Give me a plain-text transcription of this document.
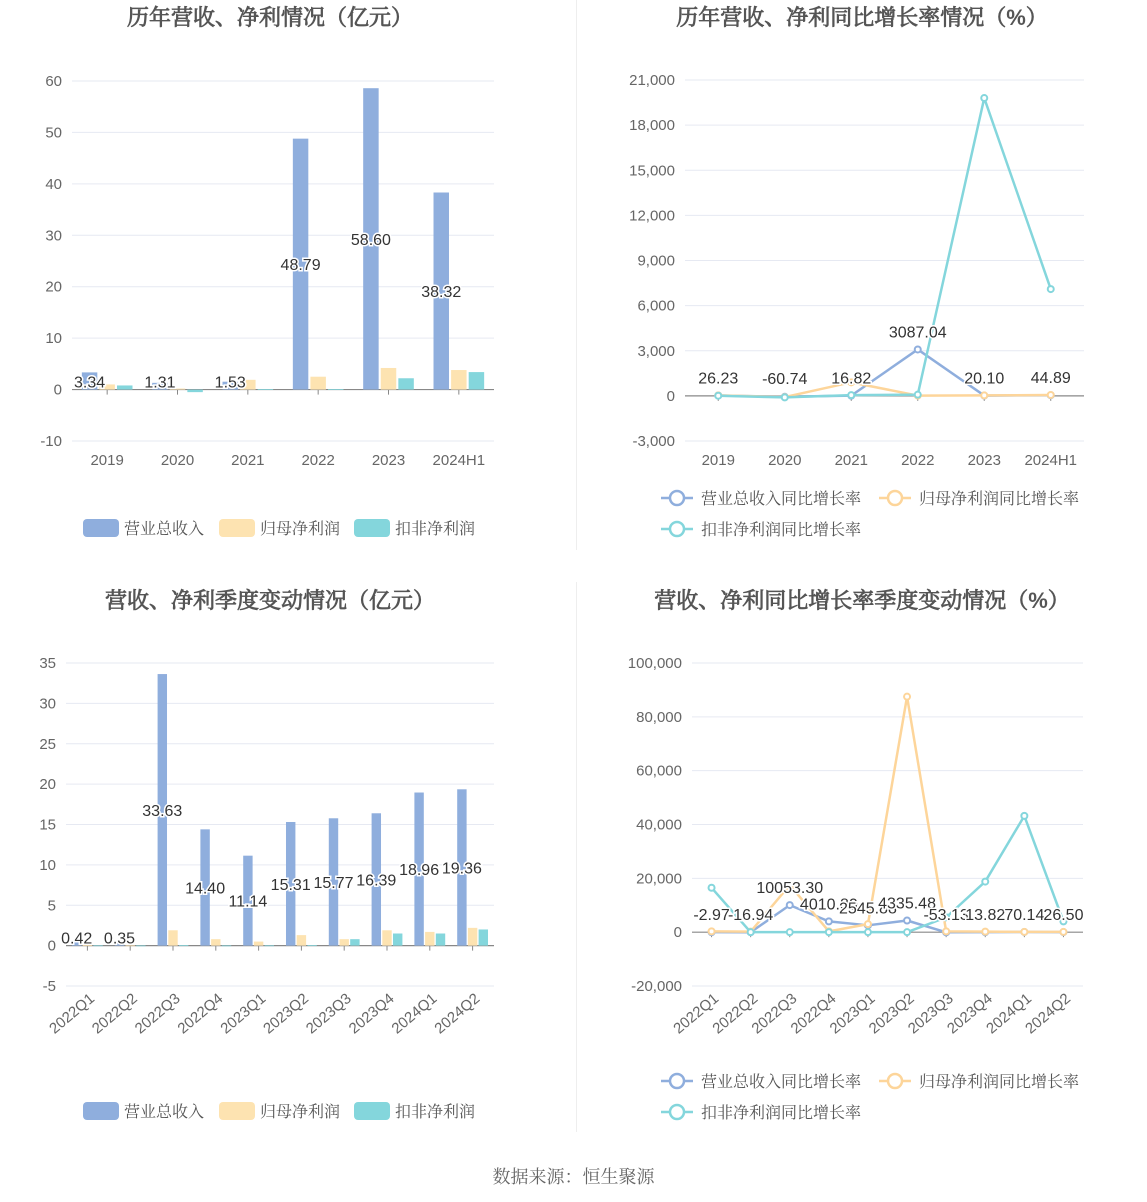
历年营收、净利情况（亿元）
-10
0
10
20
30
40
50
60
2019 2020 2021 2022 2023 2024H1
3.34 1.31 1.53
48.79
58.60
38.32
营业总收入	归母净利润	扣非净利润
历年营收、净利同比增长率情况（%）
-3,000
0
3,000
6,000
9,000
12,000
15,000
18,000
21,000
2019 2020 2021 2022 2023 2024H1
26.23 -60.74 16.82
3087.04
20.10 44.89
营业总收入同比增长率	归母净利润同比增长率
扣非净利润同比增长率
营收、净利季度变动情况（亿元）
-5
0
5
10
15
20
25
30
35
2022Q1
2022Q2
2022Q3
2022Q4
2023Q1
2023Q2
2023Q3
2023Q4
2024Q1
2024Q2
0.42 0.35
33.63
14.40
11.14
15.31 15.77 16.39
18.96 19.36
营业总收入	归母净利润	扣非净利润
营收、净利同比增长率季度变动情况（%）
-20,000
0
20,000
40,000
60,000
80,000
100,000
2022Q1
2022Q2
2022Q3
2022Q4
2023Q1
2023Q2
2023Q3
2023Q4
2024Q1
2024Q2
-2.97
-16.94
10053.30
4010.80
2545.88
4335.48
-53.13
13.82 70.14 26.50
营业总收入同比增长率	归母净利润同比增长率
扣非净利润同比增长率
数据来源：恒生聚源
